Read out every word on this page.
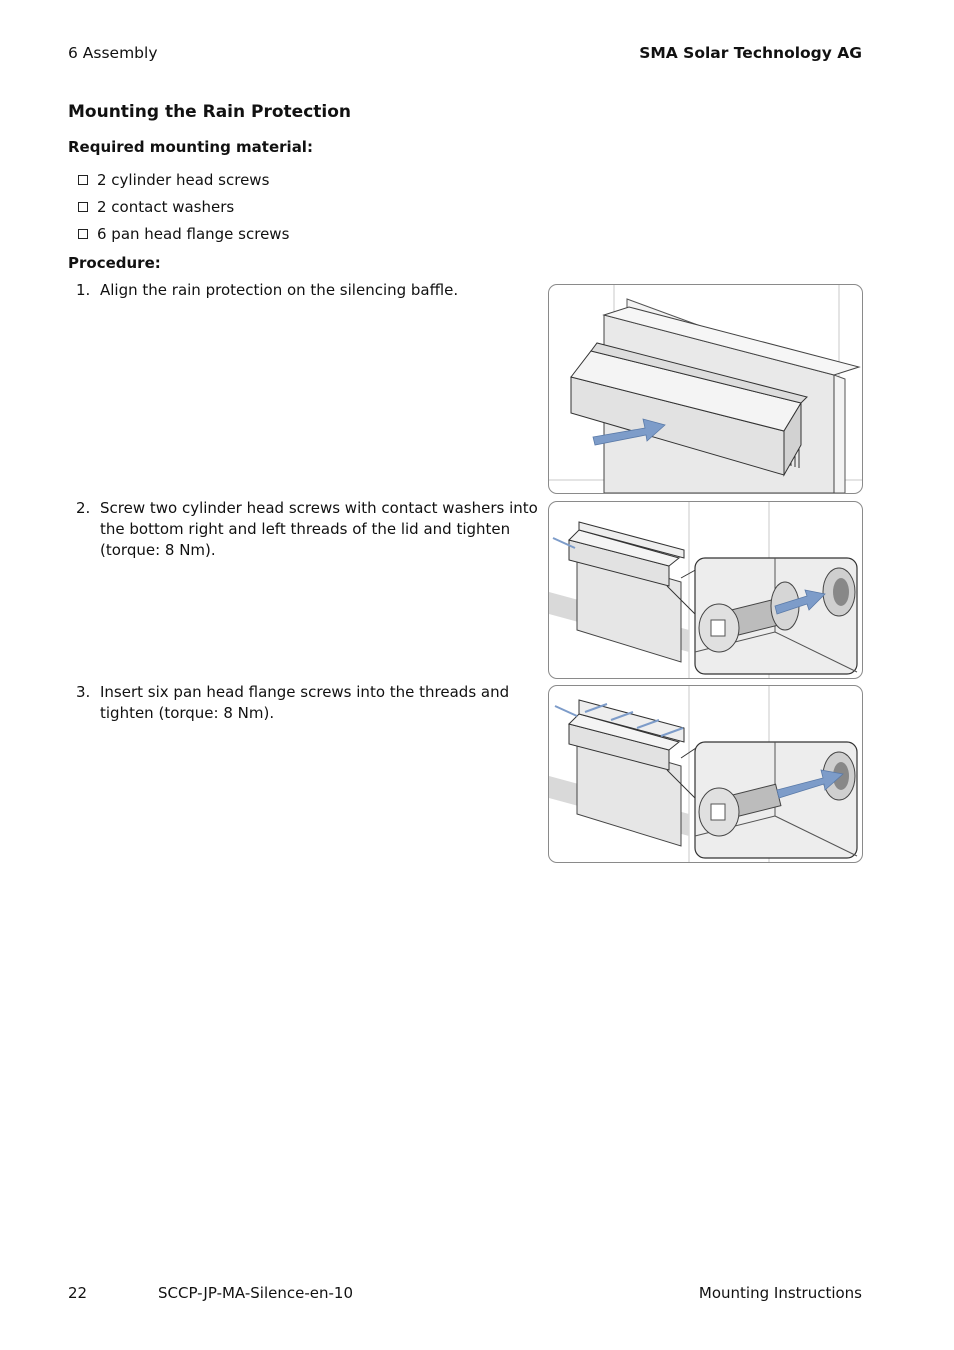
6 Assembly	SMA Solar Technology AG
Mounting the Rain Protection
Required mounting material:
2 cylinder head screws
2 contact washers
6 pan head flange screws
Procedure:
1. Align the rain protection on the silencing baffle.
2. Screw two cylinder head screws with contact washers into the bottom right and left threads of the lid and tighten (torque: 8 Nm).
3. Insert six pan head flange screws into the threads and tighten (torque: 8 Nm).
22	SCCP-JP-MA-Silence-en-10	Mounting Instructions
